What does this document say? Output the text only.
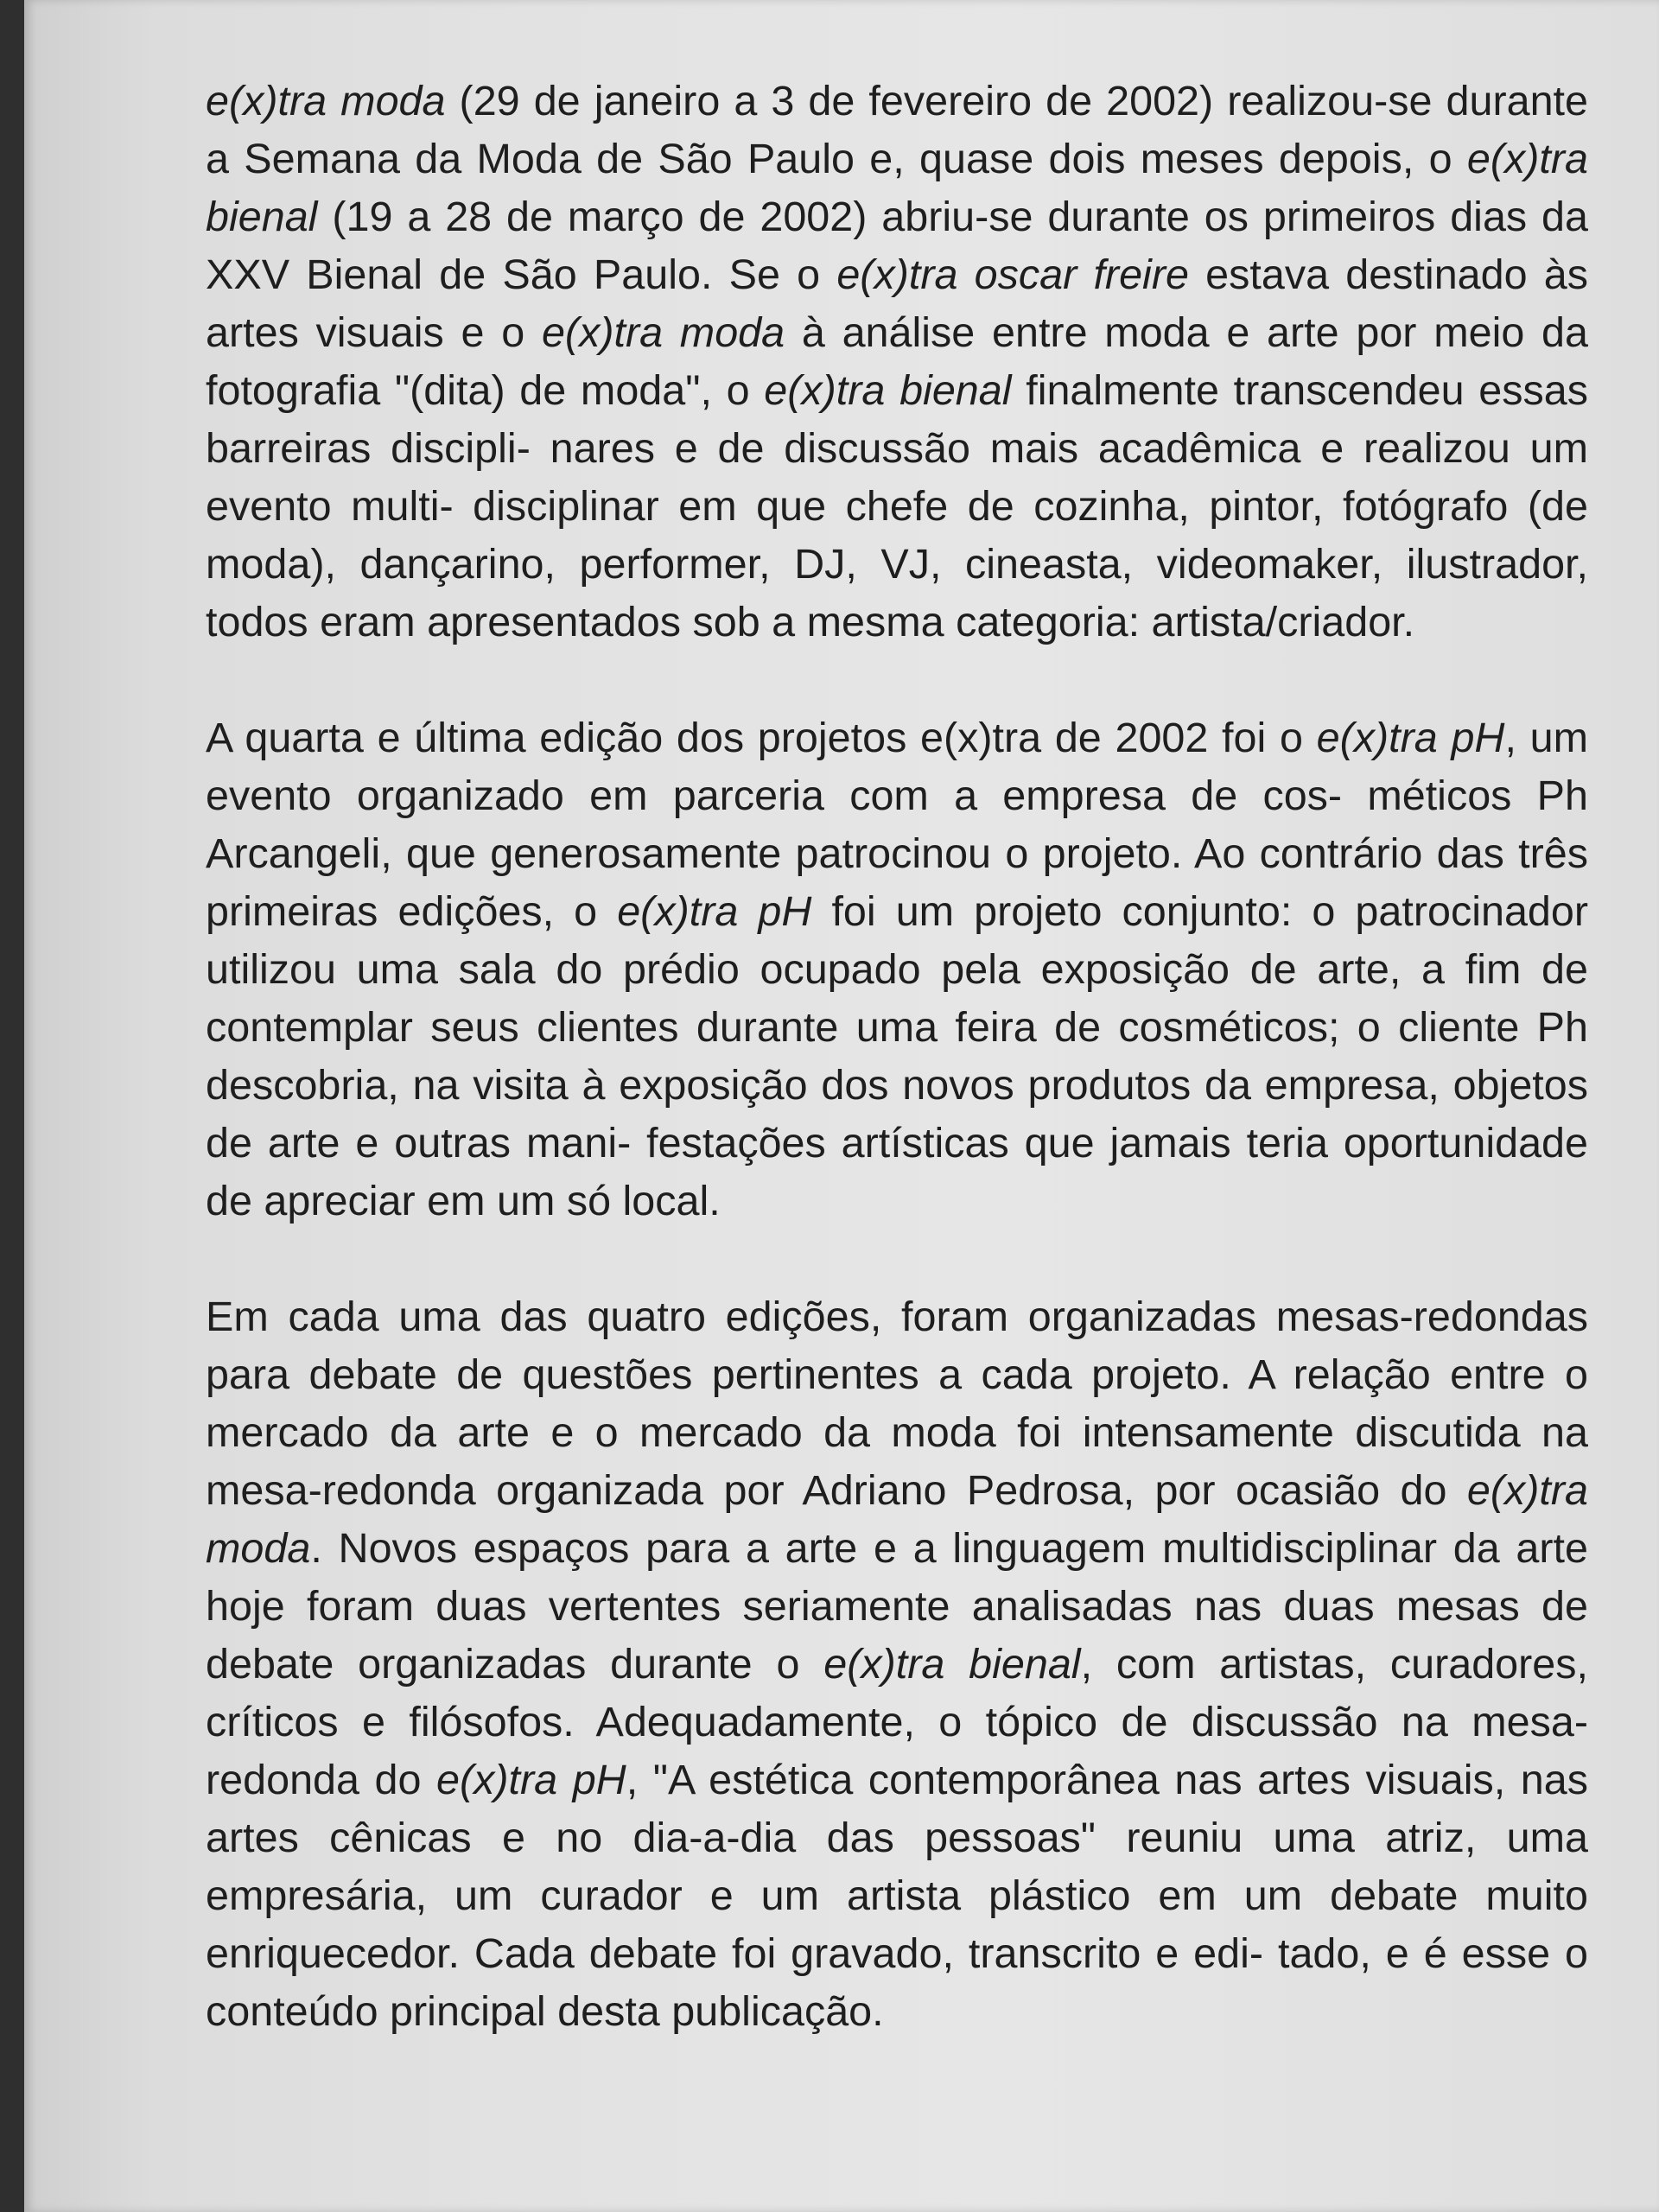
e(x)tra moda (29 de janeiro a 3 de fevereiro de 2002) realizou-se durante a Semana da Moda de São Paulo e, quase dois meses depois, o e(x)tra bienal (19 a 28 de março de 2002) abriu-se durante os primeiros dias da XXV Bienal de São Paulo. Se o e(x)tra oscar freire estava destinado às artes visuais e o e(x)tra moda à análise entre moda e arte por meio da fotografia "(dita) de moda", o e(x)tra bienal finalmente transcendeu essas barreiras discipli- nares e de discussão mais acadêmica e realizou um evento multi- disciplinar em que chefe de cozinha, pintor, fotógrafo (de moda), dançarino, performer, DJ, VJ, cineasta, videomaker, ilustrador, todos eram apresentados sob a mesma categoria: artista/criador.

A quarta e última edição dos projetos e(x)tra de 2002 foi o e(x)tra pH, um evento organizado em parceria com a empresa de cos- méticos Ph Arcangeli, que generosamente patrocinou o projeto. Ao contrário das três primeiras edições, o e(x)tra pH foi um projeto conjunto: o patrocinador utilizou uma sala do prédio ocupado pela exposição de arte, a fim de contemplar seus clientes durante uma feira de cosméticos; o cliente Ph descobria, na visita à exposição dos novos produtos da empresa, objetos de arte e outras mani- festações artísticas que jamais teria oportunidade de apreciar em um só local.

Em cada uma das quatro edições, foram organizadas mesas-redondas para debate de questões pertinentes a cada projeto. A relação entre o mercado da arte e o mercado da moda foi intensamente discutida na mesa-redonda organizada por Adriano Pedrosa, por ocasião do e(x)tra moda. Novos espaços para a arte e a linguagem multidisciplinar da arte hoje foram duas vertentes seriamente analisadas nas duas mesas de debate organizadas durante o e(x)tra bienal, com artistas, curadores, críticos e filósofos. Adequadamente, o tópico de discussão na mesa-redonda do e(x)tra pH, "A estética contemporânea nas artes visuais, nas artes cênicas e no dia-a-dia das pessoas" reuniu uma atriz, uma empresária, um curador e um artista plástico em um debate muito enriquecedor. Cada debate foi gravado, transcrito e edi- tado, e é esse o conteúdo principal desta publicação.
